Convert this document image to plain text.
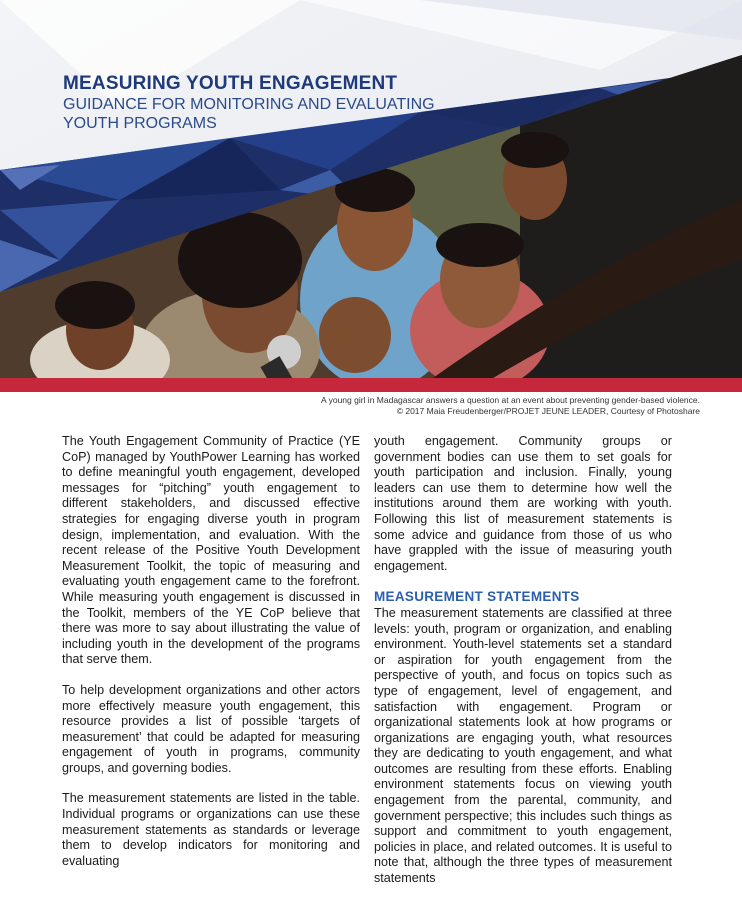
MEASURING YOUTH ENGAGEMENT
GUIDANCE FOR MONITORING AND EVALUATING
YOUTH PROGRAMS
A young girl in Madagascar answers a question at an event about preventing gender-based violence.
© 2017 Maia Freudenberger/PROJET JEUNE LEADER, Courtesy of Photoshare

The Youth Engagement Community of Practice (YE CoP) managed by YouthPower Learning has worked to define meaningful youth engagement, developed messages for “pitching” youth engagement to different stakeholders, and discussed effective strategies for engaging diverse youth in program design, implementation, and evaluation. With the recent release of the Positive Youth Development Measurement Toolkit, the topic of measuring and evaluating youth engagement came to the forefront. While measuring youth engagement is discussed in the Toolkit, members of the YE CoP believe that there was more to say about illustrating the value of including youth in the development of the programs that serve them.

To help development organizations and other actors more effectively measure youth engagement, this resource provides a list of possible ‘targets of measurement’ that could be adapted for measuring engagement of youth in programs, community groups, and governing bodies.

The measurement statements are listed in the table. Individual programs or organizations can use these measurement statements as standards or leverage them to develop indicators for monitoring and evaluating

youth engagement. Community groups or government bodies can use them to set goals for youth participation and inclusion. Finally, young leaders can use them to determine how well the institutions around them are working with youth. Following this list of measurement statements is some advice and guidance from those of us who have grappled with the issue of measuring youth engagement.

MEASUREMENT STATEMENTS

The measurement statements are classified at three levels: youth, program or organization, and enabling environment. Youth-level statements set a standard or aspiration for youth engagement from the perspective of youth, and focus on topics such as type of engagement, level of engagement, and satisfaction with engagement. Program or organizational statements look at how programs or organizations are engaging youth, what resources they are dedicating to youth engagement, and what outcomes are resulting from these efforts. Enabling environment statements focus on viewing youth engagement from the parental, community, and government perspective; this includes such things as support and commitment to youth engagement, policies in place, and related outcomes. It is useful to note that, although the three types of measurement statements
